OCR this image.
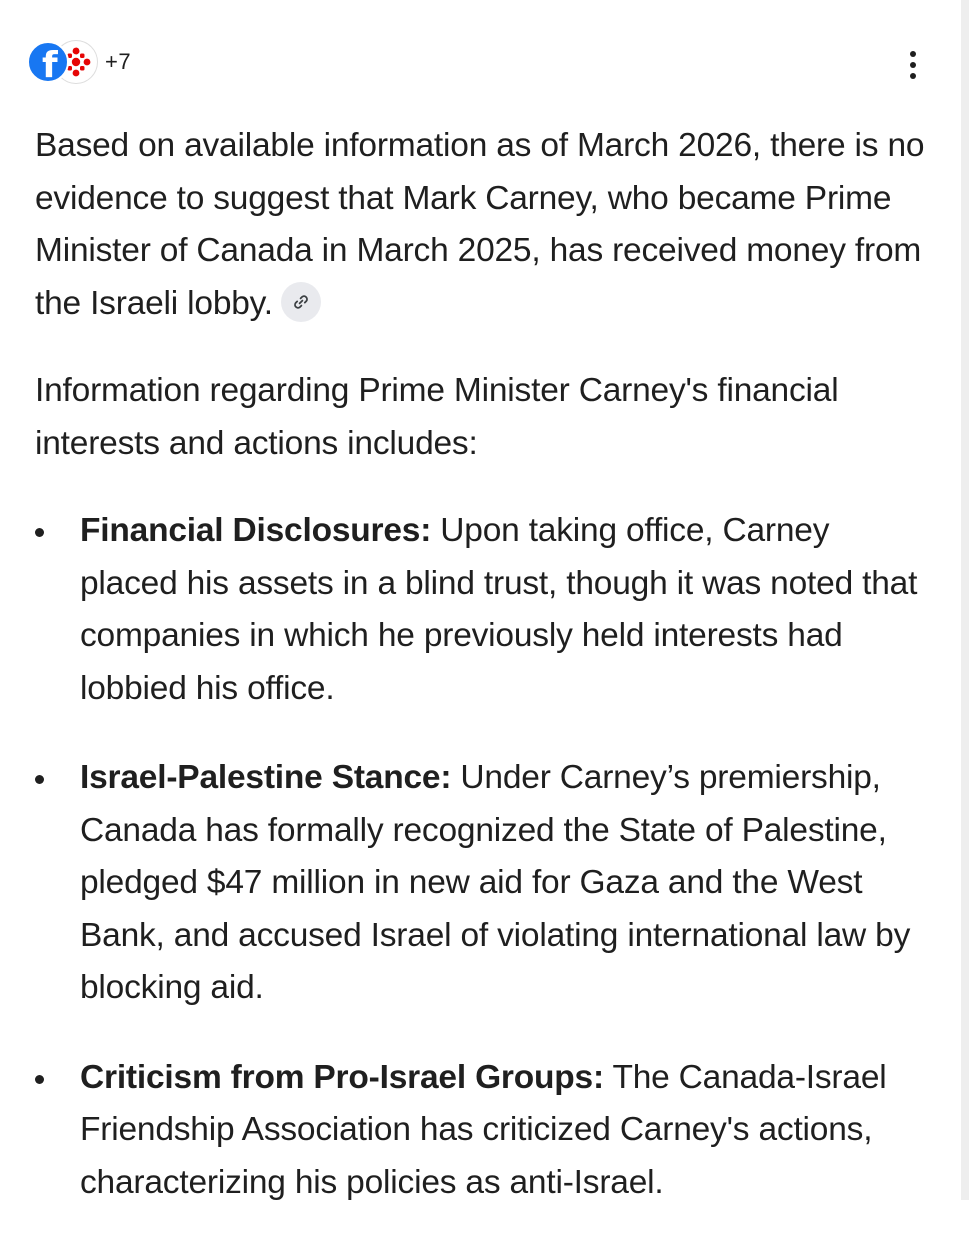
f +7

Based on available information as of March 2026, there is no evidence to suggest that Mark Carney, who became Prime Minister of Canada in March 2025, has received money from the Israeli lobby.

Information regarding Prime Minister Carney's financial interests and actions includes:

Financial Disclosures: Upon taking office, Carney placed his assets in a blind trust, though it was noted that companies in which he previously held interests had lobbied his office.
Israel-Palestine Stance: Under Carney’s premiership, Canada has formally recognized the State of Palestine, pledged $47 million in new aid for Gaza and the West Bank, and accused Israel of violating international law by blocking aid.
Criticism from Pro-Israel Groups: The Canada-Israel Friendship Association has criticized Carney's actions, characterizing his policies as anti-Israel.
